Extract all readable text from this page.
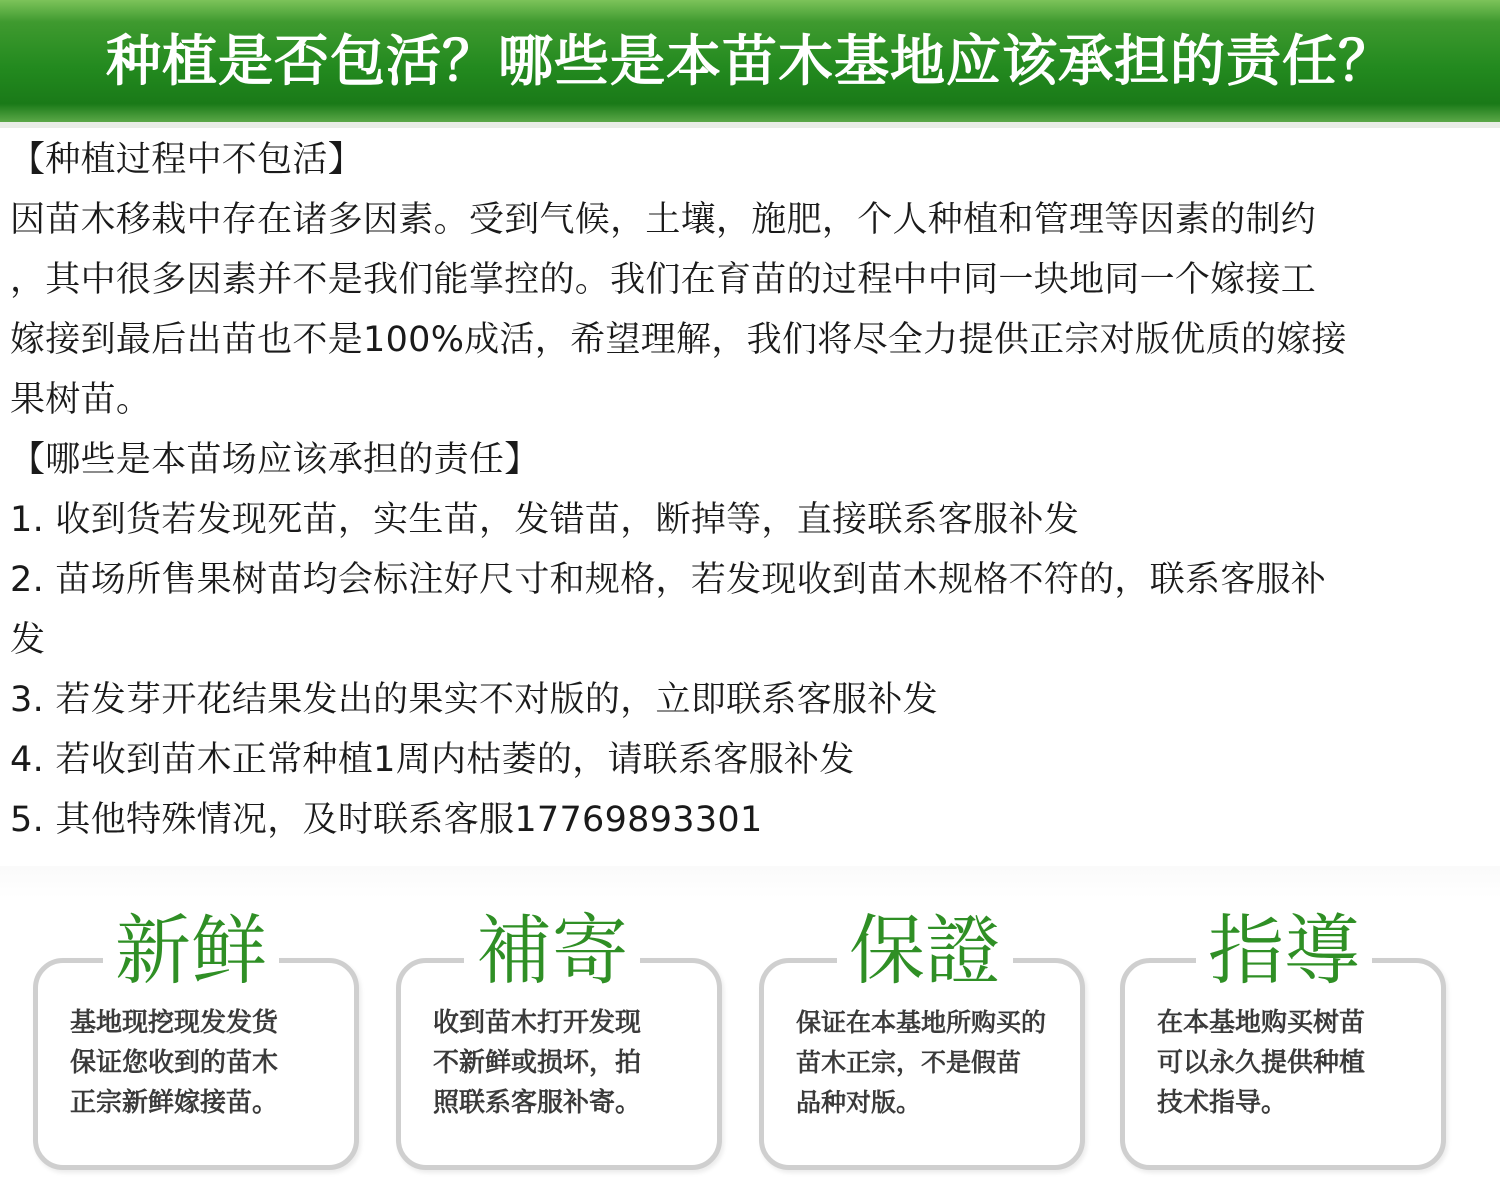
种植是否包活？哪些是本苗木基地应该承担的责任？
【种植过程中不包活】
因苗木移栽中存在诸多因素。受到气候，土壤，施肥，个人种植和管理等因素的制约
，其中很多因素并不是我们能掌控的。我们在育苗的过程中中同一块地同一个嫁接工
嫁接到最后出苗也不是100%成活，希望理解，我们将尽全力提供正宗对版优质的嫁接
果树苗。
【哪些是本苗场应该承担的责任】
1. 收到货若发现死苗，实生苗，发错苗，断掉等，直接联系客服补发
2. 苗场所售果树苗均会标注好尺寸和规格，若发现收到苗木规格不符的，联系客服补
发
3. 若发芽开花结果发出的果实不对版的，立即联系客服补发
4. 若收到苗木正常种植1周内枯萎的，请联系客服补发
5. 其他特殊情况，及时联系客服17769893301
基地现挖现发发货
保证您收到的苗木
正宗新鲜嫁接苗。
新鲜
收到苗木打开发现
不新鲜或损坏，拍
照联系客服补寄。
補寄
保证在本基地所购买的
苗木正宗，不是假苗
品种对版。
保證
在本基地购买树苗
可以永久提供种植
技术指导。
指導
